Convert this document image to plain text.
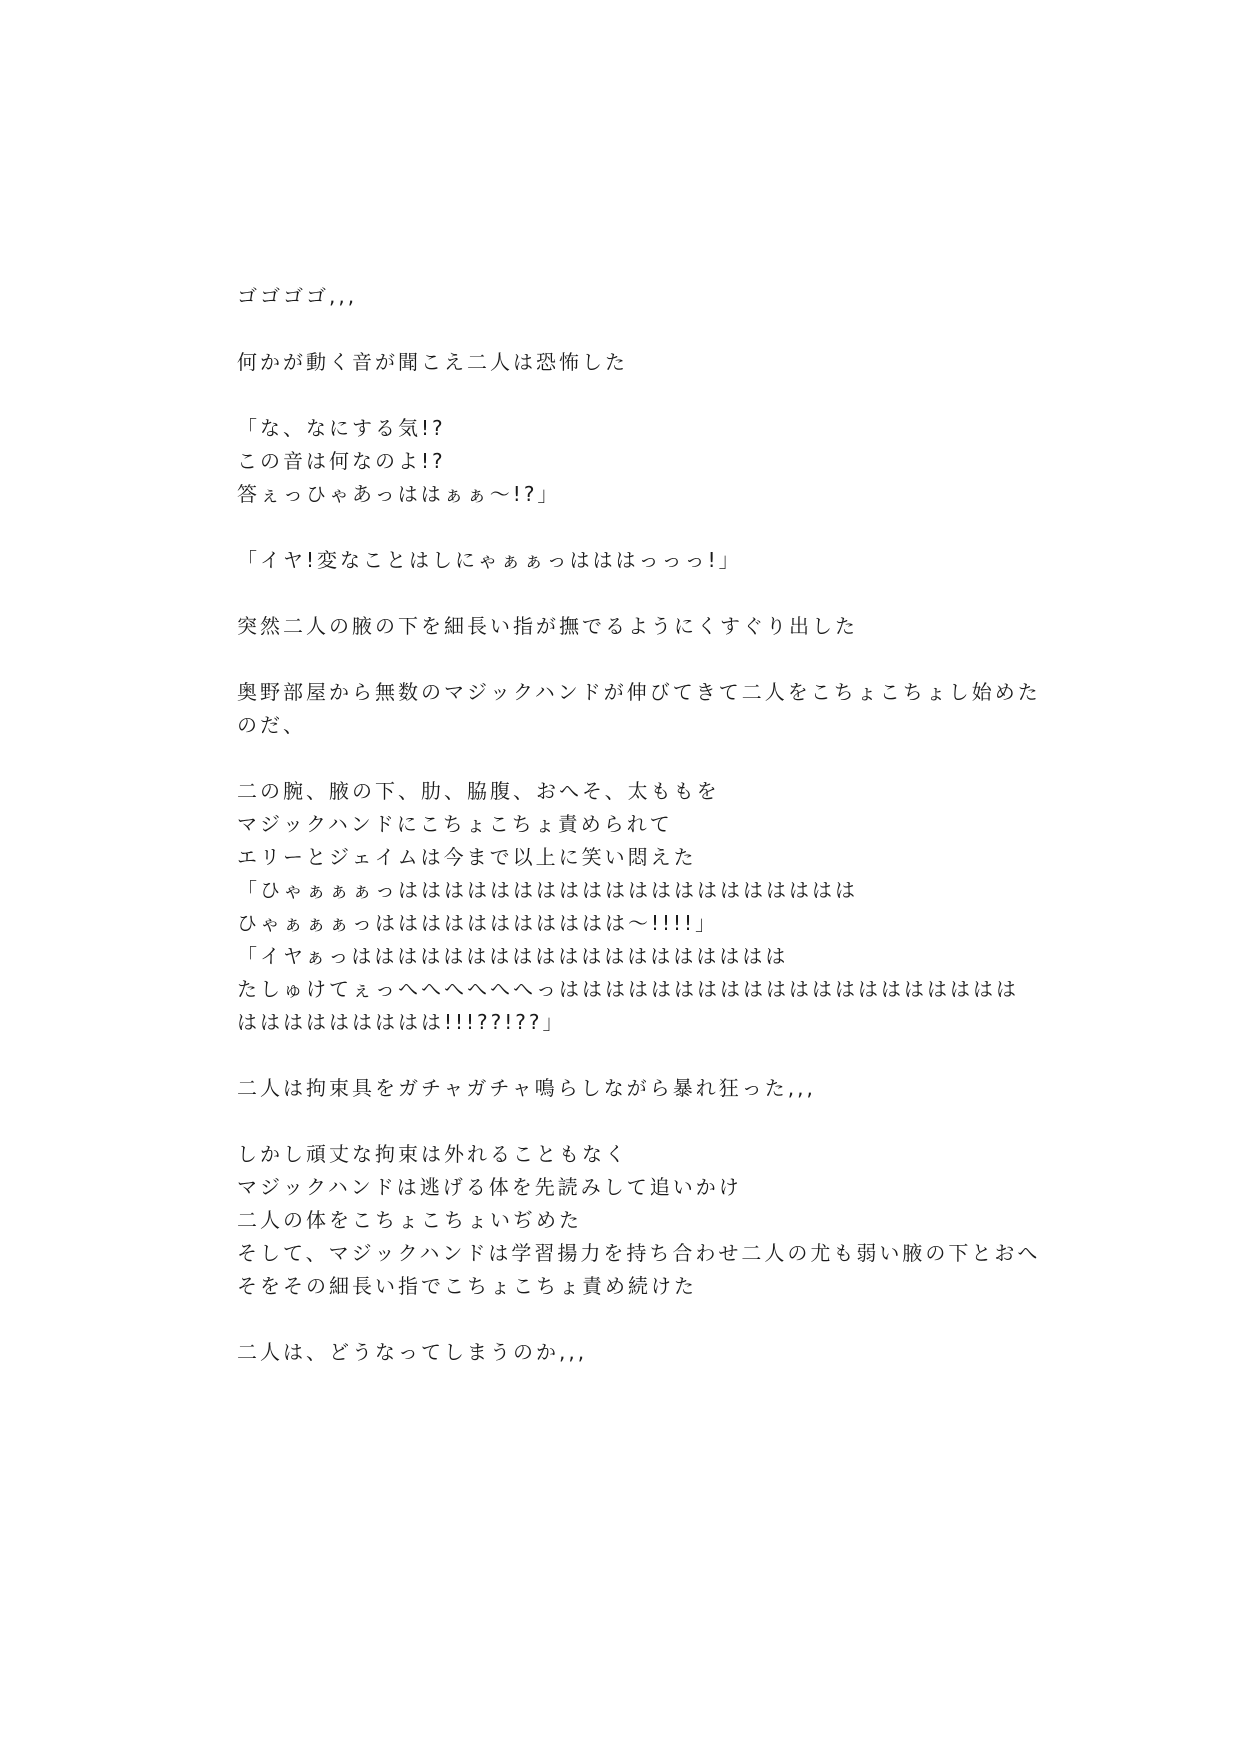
ゴゴゴゴ,,,
何かが動く音が聞こえ二人は恐怖した
「な、なにする気!?
この音は何なのよ!?
答ぇっひゃあっははぁぁ〜!?」
「イヤ!変なことはしにゃぁぁっはははっっっ!」
突然二人の腋の下を細長い指が撫でるようにくすぐり出した
奥野部屋から無数のマジックハンドが伸びてきて二人をこちょこちょし始めた
のだ、
二の腕、腋の下、肋、脇腹、おへそ、太ももを
マジックハンドにこちょこちょ責められて
エリーとジェイムは今まで以上に笑い悶えた
「ひゃぁぁぁっはははははははははははははははははははは
ひゃぁぁぁっははははははははははは〜!!!!」
「イヤぁっははははははははははははははははははは
たしゅけてぇっへへへへへへっはははははははははははははははははははは
ははははははははは!!!??!??」
二人は拘束具をガチャガチャ鳴らしながら暴れ狂った,,,
しかし頑丈な拘束は外れることもなく
マジックハンドは逃げる体を先読みして追いかけ
二人の体をこちょこちょいぢめた
そして、マジックハンドは学習揚力を持ち合わせ二人の尤も弱い腋の下とおへ
そをその細長い指でこちょこちょ責め続けた
二人は、どうなってしまうのか,,,
